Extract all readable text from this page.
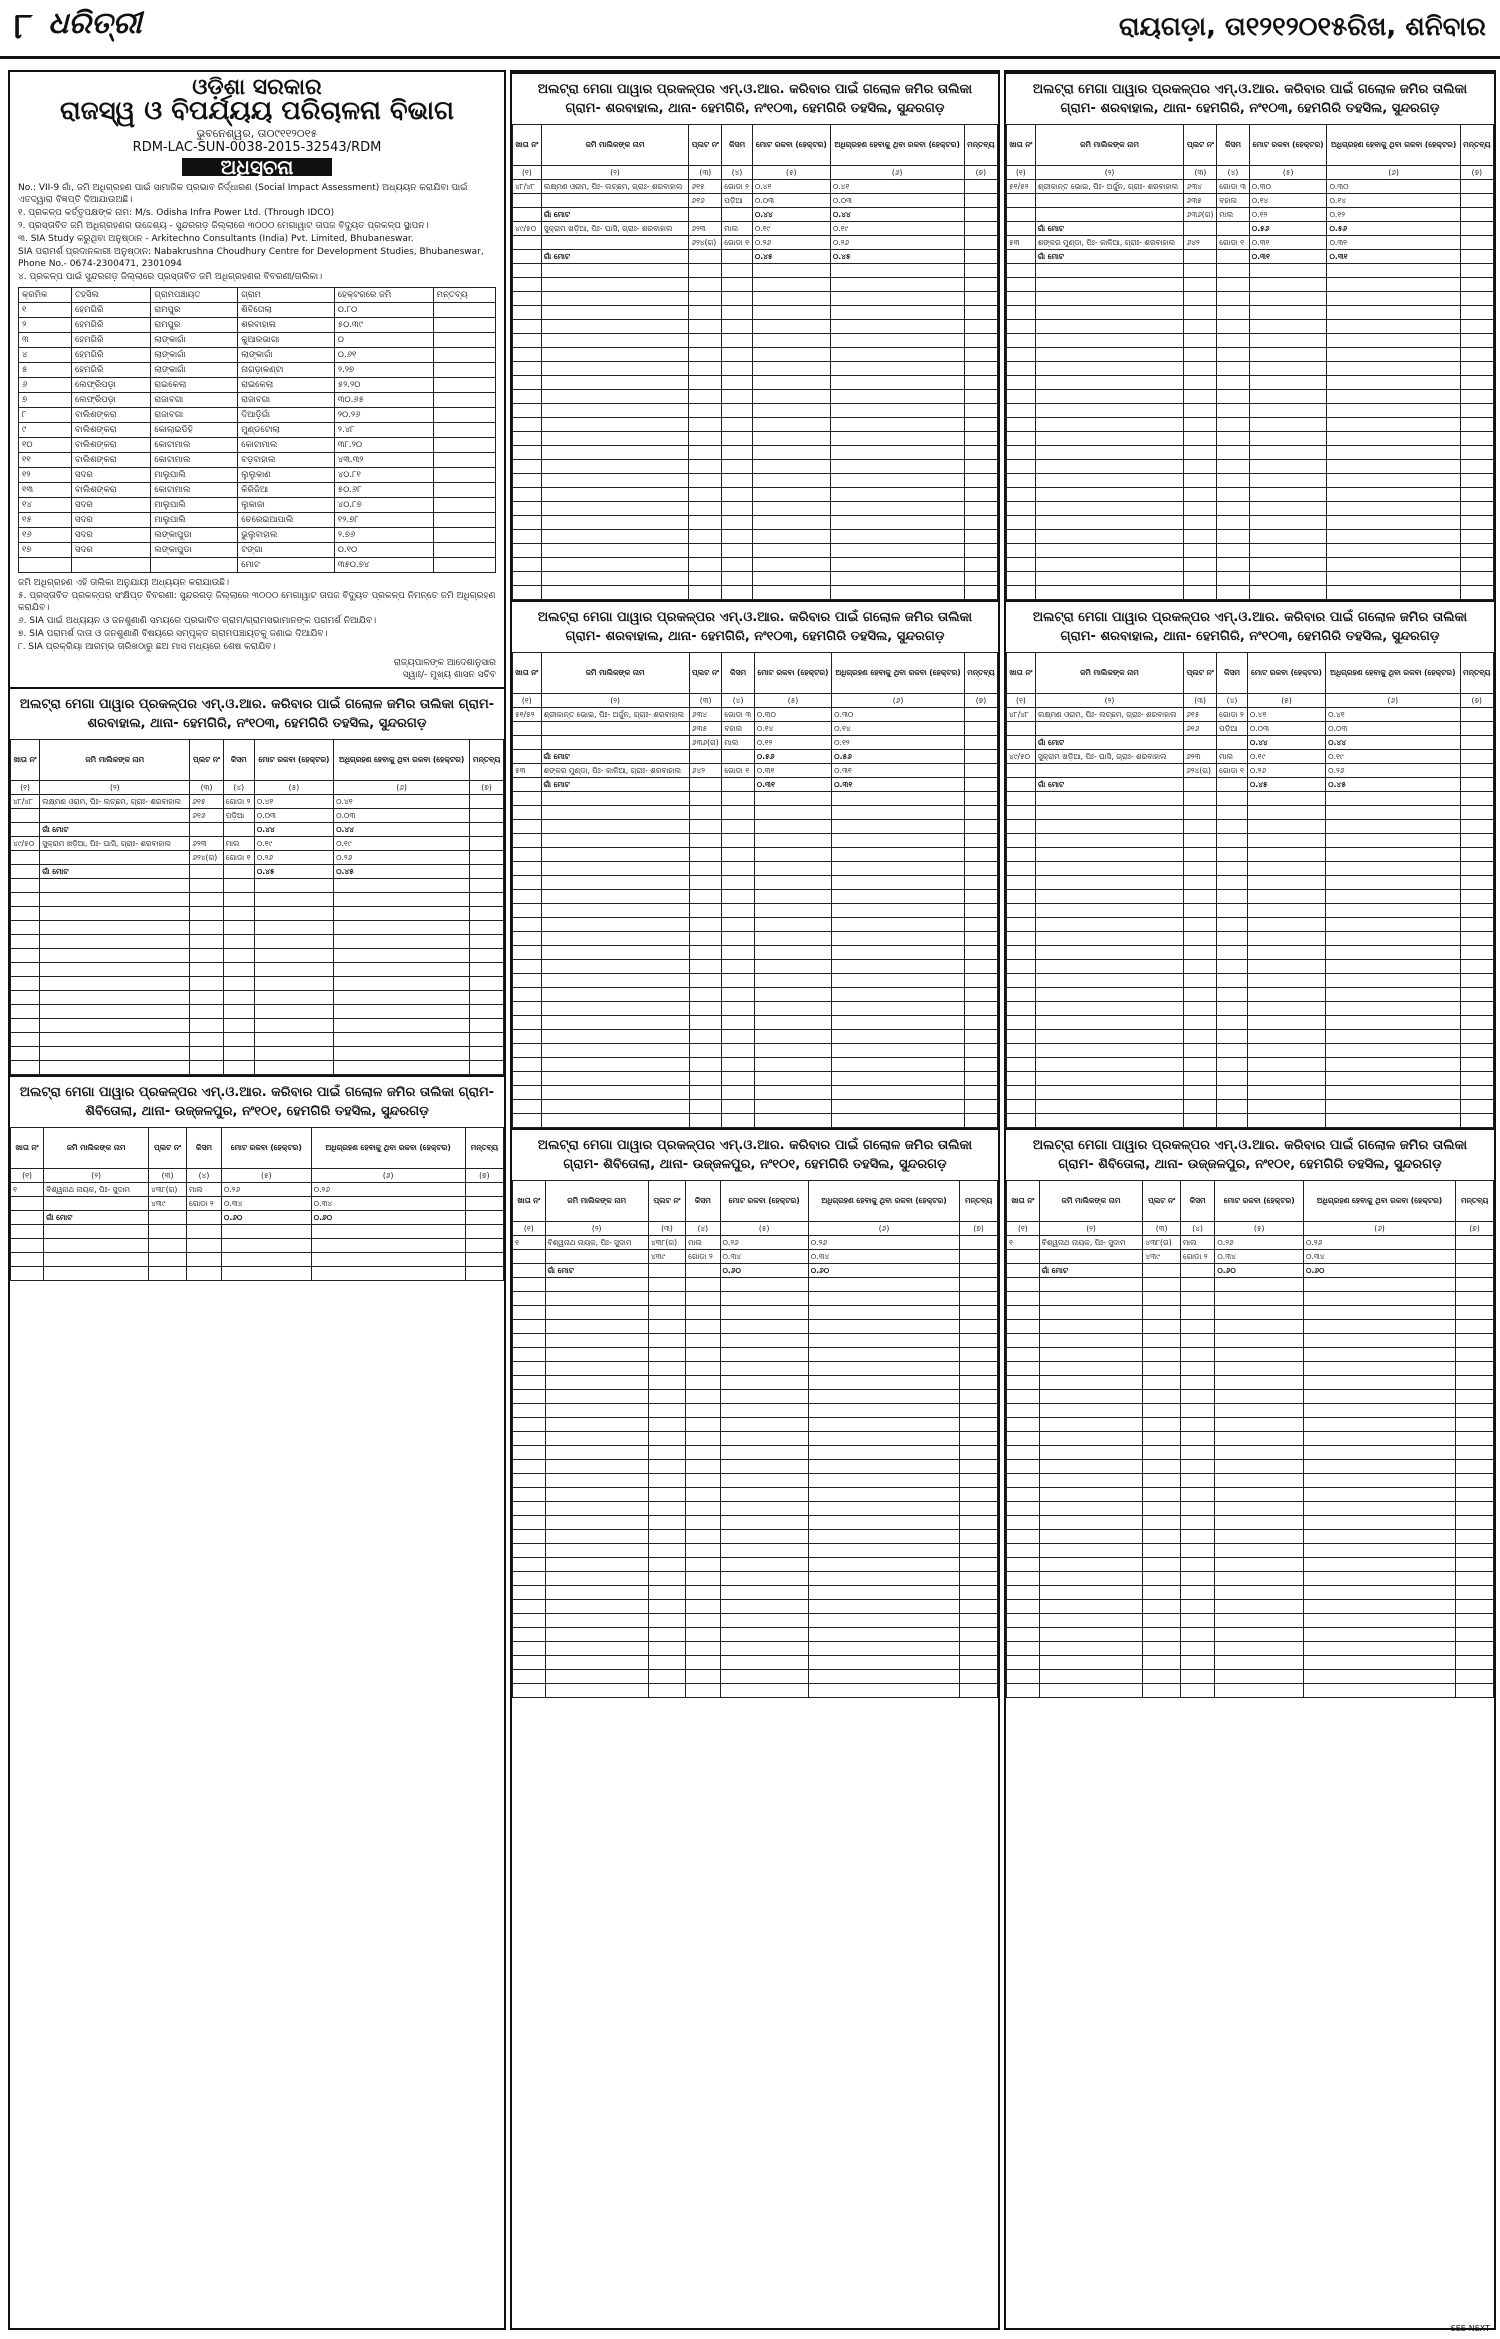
୮ ଧରିତ୍ରୀ	ରାୟଗଡ଼ା, ତା୧୨୧୨୦୧୫ରିଖ, ଶନିବାର
ଓଡ଼ିଶା ସରକାର
ରାଜସ୍ୱ ଓ ବିପର୍ଯ୍ୟୟ ପରିଚାଳନା ବିଭାଗ
ଭୁବନେଶ୍ୱର, ତା୦୯୧୧୨୦୧୫
RDM-LAC-SUN-0038-2015-32543/RDM
ଅଧିସୂଚନା
No.: VII-9 ଗାଁ, ଜମି ଅଧିଗ୍ରହଣ ପାଇଁ ସାମାଜିକ ପ୍ରଭାବ ନିର୍ଦ୍ଧାରଣ (Social Impact Assessment) ଅଧ୍ୟୟନ କରାଯିବା ପାଇଁ ଏତଦ୍ୱାରା ବିଜ୍ଞପ୍ତି ଦିଆଯାଉଅଛି।
୧. ପ୍ରକଳ୍ପ କର୍ତ୍ତୃପକ୍ଷଙ୍କ ନାମ: M/s. Odisha Infra Power Ltd. (Through IDCO)
୨. ପ୍ରସ୍ତାବିତ ଜମି ଅଧିଗ୍ରହଣର ଉଦ୍ଦେଶ୍ୟ - ସୁନ୍ଦରଗଡ଼ ଜିଲ୍ଲାରେ ୩୦୦୦ ମେଗାୱାଟ ତାପଜ ବିଦ୍ୟୁତ ପ୍ରକଳ୍ପ ସ୍ଥାପନ।
୩. SIA Study କରୁଥିବା ଅନୁଷ୍ଠାନ - Arkitechno Consultants (India) Pvt. Limited, Bhubaneswar.
SIA ପରାମର୍ଶ ପ୍ରଦାନକାରୀ ଅନୁଷ୍ଠାନ: Nabakrushna Choudhury Centre for Development Studies, Bhubaneswar, Phone No.- 0674-2300471, 2301094
୪. ପ୍ରକଳ୍ପ ପାଇଁ ସୁନ୍ଦରଗଡ଼ ଜିଲ୍ଲାରେ ପ୍ରସ୍ତାବିତ ଜମି ଅଧିଗ୍ରହଣର ବିବରଣୀ/ତାଲିକା।
କ୍ରମିକ	ତହସିଲ	ଗ୍ରାମପଞ୍ଚାୟତ	ଗ୍ରାମ	ହେକ୍ଟରରେ ଜମି	ମନ୍ତବ୍ୟ
୧	ହେମଗିରି	ରାମପୁର	ଶିବିତୋଲା	୦.୮୦	
୨	ହେମଗିରି	ରାମପୁର	ଶରବାହାଲ	୫୦.୩୯	
୩	ହେମଗିରି	ଲାଙ୍କାଗାଁ	କୁଆରଭାଗା	୦	
୪	ହେମଗିରି	ଲାଙ୍କାଗାଁ	ଲାଙ୍କାଗାଁ	୦.୬୧	
୫	ହେମଗିରି	ଲାଙ୍କାଗାଁ	ନାଗଡ଼ାକଣ୍ଟା	୨.୨୭	
୬	ଲେଫ୍ରିପଡ଼ା	ରାଇକେଲା	ରାଇକେଲା	୫୨.୨୦	
୭	ଲେଫ୍ରିପଡ଼ା	ରାଜାବଗା	ରାଜାବଗା	୩୦.୬୫	
୮	ବାଲିଶଙ୍କରା	ରାଜାବଗା	ଦିଆଡ଼ିଗାଁ	୨୦.୨୬	
୯	ବାଲିଶଙ୍କରା	କୋଲାଇଡିହି	ମୁଣ୍ଡଟୋଲା	୨.୪୮	
୧୦	ବାଲିଶଙ୍କରା	କୋଟାମାଲ	କୋଟାମାଲ	୩୮.୨୦	
୧୧	ବାଲିଶଙ୍କରା	କୋଟାମାଲ	ବଡ଼ବାହାଲ	୪୩.୩୨	
୧୨	ସଦର	ମାଲୁପାଲି	ଲୁଲୁକାଣ	୪୦.୮୧	
୧୩	ବାଲିଶଙ୍କରା	କୋଟାମାଲ	କିରିଜିଆ	୫୦.୬୮	
୧୪	ସଦର	ମାଲୁପାଲି	ଲୁକାଜା	୪୦.୮୭	
୧୫	ସଦର	ମାଲୁପାଲି	ଚେରେଇଆପାଲି	୧୨.୭୮	
୧୬	ସଦର	ଲଙ୍କାପୁଡା	ଭୁଲୁବାହାଲ	୨.୭୬	
୧୭	ସଦର	ଲଙ୍କାପୁଡା	ଟଙ୍ଗା	୦.୧୦	
			ମୋଟ	୩୫୦.୭୪	
ଜମି ଅଧିଗ୍ରହଣ ଏହି ତାଲିକା ଅନୁଯାୟୀ ଅଧ୍ୟୟନ କରାଯାଉଛି।
୫. ପ୍ରସ୍ତାବିତ ପ୍ରକଳ୍ପର ସଂକ୍ଷିପ୍ତ ବିବରଣୀ: ସୁନ୍ଦରଗଡ଼ ଜିଲ୍ଲାରେ ୩୦୦୦ ମେଗାୱାଟ ତାପଜ ବିଦ୍ୟୁତ ପ୍ରକଳ୍ପ ନିମନ୍ତେ ଜମି ଅଧିଗ୍ରହଣ କରାଯିବ।
୬. SIA ପାଇଁ ଅଧ୍ୟୟନ ଓ ଜନଶୁଣାଣି ସମୟରେ ପ୍ରଭାବିତ ଗ୍ରାମ/ଗ୍ରାମସଭାମାନଙ୍କ ପରାମର୍ଶ ନିଆଯିବ।
୭. SIA ପରାମର୍ଶ ଦାତା ଓ ଜନଶୁଣାଣି ବିଷୟରେ ସମ୍ପୃକ୍ତ ଗ୍ରାମପଞ୍ଚାୟତକୁ ଜଣାଇ ଦିଆଯିବ।
୮. SIA ପ୍ରକ୍ରିୟା ଆରମ୍ଭ ତାରିଖଠାରୁ ଛଅ ମାସ ମଧ୍ୟରେ ଶେଷ କରାଯିବ।
ରାଜ୍ୟପାଳଙ୍କ ଆଦେଶାନୁସାର
ସ୍ୱାଃ/- ମୁଖ୍ୟ ଶାସନ ସଚିବ
ଅଲଟ୍ରା ମେଗା ପାୱାର ପ୍ରକଳ୍ପର ଏମ୍.ଓ.ଆର. କରିବାର ପାଇଁ ଗଲୋଳ ଜମିର ତାଲିକା ଗ୍ରାମ- ଶରବାହାଲ, ଥାନା- ହେମଗିରି, ନଂ୧୦୩, ହେମଗିରି ତହସିଲ, ସୁନ୍ଦରଗଡ଼
ଖାତା ନଂ	ଜମି ମାଲିକଙ୍କ ନାମ	ପ୍ଲଟ ନଂ	କିସମ	ମୋଟ ରକବା (ହେକ୍ଟର)	ଅଧିଗ୍ରହଣ ହେବାକୁ ଥିବା ରକବା (ହେକ୍ଟର)	ମନ୍ତବ୍ୟ
(୧)	(୨)	(୩)	(୪)	(୫)	(୬)	(୭)
୪୮/୪୮	ଲକ୍ଷ୍ମଣ ଓରାମ, ପିଃ- ଲଚ୍ଛମ, ଗ୍ରାଃ- ଶରବାହାଲ	୬୧୫	ଗୋଡା ୨	୦.୪୧	୦.୪୧	
		୬୧୬	ପଡ଼ିଆ	୦.୦୩	୦.୦୩	
	ଗାଁ ମୋଟ			୦.୪୪	୦.୪୪	
୪୯/୫୦	ସୁକ୍ରାମ ଖଡ଼ିଆ, ପିଃ- ଘାସି, ଗ୍ରାଃ- ଶରବାହାଲ	୬୨୩	ମାଲ	୦.୧୯	୦.୧୯	
		୬୨୪(ଗ)	ଗୋଡା ୧	୦.୨୬	୦.୨୬	
	ଗାଁ ମୋଟ			୦.୪୫	୦.୪୫	

ଅଲଟ୍ରା ମେଗା ପାୱାର ପ୍ରକଳ୍ପର ଏମ୍.ଓ.ଆର. କରିବାର ପାଇଁ ଗଲୋଳ ଜମିର ତାଲିକା ଗ୍ରାମ- ଶିବିତୋଲା, ଥାନା- ଉଜ୍ଜଳପୁର, ନଂ୧୦୧, ହେମଗିରି ତହସିଲ, ସୁନ୍ଦରଗଡ଼
ଖାତା ନଂ	ଜମି ମାଲିକଙ୍କ ନାମ	ପ୍ଲଟ ନଂ	କିସମ	ମୋଟ ରକବା (ହେକ୍ଟର)	ଅଧିଗ୍ରହଣ ହେବାକୁ ଥିବା ରକବା (ହେକ୍ଟର)	ମନ୍ତବ୍ୟ
(୧)	(୨)	(୩)	(୪)	(୫)	(୬)	(୭)
୧	ବିଶ୍ୱନାଥ ନାୟକ, ପିଃ- ସୁଦାମ	୪୩୮(ଗ)	ମାଲ	୦.୨୬	୦.୨୬	
		୪୩୯	ଗୋଡା ୨	୦.୩୪	୦.୩୪	
	ଗାଁ ମୋଟ			୦.୬୦	୦.୬୦	

ଅଲଟ୍ରା ମେଗା ପାୱାର ପ୍ରକଳ୍ପର ଏମ୍.ଓ.ଆର. କରିବାର ପାଇଁ ଗଲୋଳ ଜମିର ତାଲିକା ଗ୍ରାମ- ଶରବାହାଲ, ଥାନା- ହେମଗିରି, ନଂ୧୦୩, ହେମଗିରି ତହସିଲ, ସୁନ୍ଦରଗଡ଼
ଖାତା ନଂ	ଜମି ମାଲିକଙ୍କ ନାମ	ପ୍ଲଟ ନଂ	କିସମ	ମୋଟ ରକବା (ହେକ୍ଟର)	ଅଧିଗ୍ରହଣ ହେବାକୁ ଥିବା ରକବା (ହେକ୍ଟର)	ମନ୍ତବ୍ୟ
(୧)	(୨)	(୩)	(୪)	(୫)	(୬)	(୭)
୪୮/୪୮	ଲକ୍ଷ୍ମଣ ଓରାମ, ପିଃ- ଲଚ୍ଛମ, ଗ୍ରାଃ- ଶରବାହାଲ	୬୧୫	ଗୋଡା ୨	୦.୪୧	୦.୪୧	
		୬୧୬	ପଡ଼ିଆ	୦.୦୩	୦.୦୩	
	ଗାଁ ମୋଟ			୦.୪୪	୦.୪୪	
୪୯/୫୦	ସୁକ୍ରାମ ଖଡ଼ିଆ, ପିଃ- ଘାସି, ଗ୍ରାଃ- ଶରବାହାଲ	୬୨୩	ମାଲ	୦.୧୯	୦.୧୯	
		୬୨୪(ଗ)	ଗୋଡା ୧	୦.୨୬	୦.୨୬	
	ଗାଁ ମୋଟ			୦.୪୫	୦.୪୫	

ଅଲଟ୍ରା ମେଗା ପାୱାର ପ୍ରକଳ୍ପର ଏମ୍.ଓ.ଆର. କରିବାର ପାଇଁ ଗଲୋଳ ଜମିର ତାଲିକା ଗ୍ରାମ- ଶରବାହାଲ, ଥାନା- ହେମଗିରି, ନଂ୧୦୩, ହେମଗିରି ତହସିଲ, ସୁନ୍ଦରଗଡ଼
ଖାତା ନଂ	ଜମି ମାଲିକଙ୍କ ନାମ	ପ୍ଲଟ ନଂ	କିସମ	ମୋଟ ରକବା (ହେକ୍ଟର)	ଅଧିଗ୍ରହଣ ହେବାକୁ ଥିବା ରକବା (ହେକ୍ଟର)	ମନ୍ତବ୍ୟ
(୧)	(୨)	(୩)	(୪)	(୫)	(୬)	(୭)
୫୧/୫୨	ଶ୍ରୀକାନ୍ତ ଭୋଇ, ପିଃ- ଅର୍ଜୁନ, ଗ୍ରାଃ- ଶରବାହାଲ	୬୩୪	ଗୋଡା ୩	୦.୩୦	୦.୩୦	
		୬୩୫	ବହାଲ	୦.୧୪	୦.୧୪	
		୬୩୬(ଗ)	ମାଲ	୦.୧୨	୦.୧୨	
	ଗାଁ ମୋଟ			୦.୫୬	୦.୫୬	
୫୩	ଶଙ୍କର ମୁଣ୍ଡା, ପିଃ- କାଳିଆ, ଗ୍ରାଃ- ଶରବାହାଲ	୬୪୨	ଗୋଡା ୧	୦.୩୧	୦.୩୧	
	ଗାଁ ମୋଟ			୦.୩୧	୦.୩୧	

ଅଲଟ୍ରା ମେଗା ପାୱାର ପ୍ରକଳ୍ପର ଏମ୍.ଓ.ଆର. କରିବାର ପାଇଁ ଗଲୋଳ ଜମିର ତାଲିକା ଗ୍ରାମ- ଶିବିତୋଲା, ଥାନା- ଉଜ୍ଜଳପୁର, ନଂ୧୦୧, ହେମଗିରି ତହସିଲ, ସୁନ୍ଦରଗଡ଼
ଖାତା ନଂ	ଜମି ମାଲିକଙ୍କ ନାମ	ପ୍ଲଟ ନଂ	କିସମ	ମୋଟ ରକବା (ହେକ୍ଟର)	ଅଧିଗ୍ରହଣ ହେବାକୁ ଥିବା ରକବା (ହେକ୍ଟର)	ମନ୍ତବ୍ୟ
(୧)	(୨)	(୩)	(୪)	(୫)	(୬)	(୭)
୧	ବିଶ୍ୱନାଥ ନାୟକ, ପିଃ- ସୁଦାମ	୪୩୮(ଗ)	ମାଲ	୦.୨୬	୦.୨୬	
		୪୩୯	ଗୋଡା ୨	୦.୩୪	୦.୩୪	
	ଗାଁ ମୋଟ			୦.୬୦	୦.୬୦	

ଅଲଟ୍ରା ମେଗା ପାୱାର ପ୍ରକଳ୍ପର ଏମ୍.ଓ.ଆର. କରିବାର ପାଇଁ ଗଲୋଳ ଜମିର ତାଲିକା ଗ୍ରାମ- ଶରବାହାଲ, ଥାନା- ହେମଗିରି, ନଂ୧୦୩, ହେମଗିରି ତହସିଲ, ସୁନ୍ଦରଗଡ଼
ଖାତା ନଂ	ଜମି ମାଲିକଙ୍କ ନାମ	ପ୍ଲଟ ନଂ	କିସମ	ମୋଟ ରକବା (ହେକ୍ଟର)	ଅଧିଗ୍ରହଣ ହେବାକୁ ଥିବା ରକବା (ହେକ୍ଟର)	ମନ୍ତବ୍ୟ
(୧)	(୨)	(୩)	(୪)	(୫)	(୬)	(୭)
୫୧/୫୨	ଶ୍ରୀକାନ୍ତ ଭୋଇ, ପିଃ- ଅର୍ଜୁନ, ଗ୍ରାଃ- ଶରବାହାଲ	୬୩୪	ଗୋଡା ୩	୦.୩୦	୦.୩୦	
		୬୩୫	ବହାଲ	୦.୧୪	୦.୧୪	
		୬୩୬(ଗ)	ମାଲ	୦.୧୨	୦.୧୨	
	ଗାଁ ମୋଟ			୦.୫୬	୦.୫୬	
୫୩	ଶଙ୍କର ମୁଣ୍ଡା, ପିଃ- କାଳିଆ, ଗ୍ରାଃ- ଶରବାହାଲ	୬୪୨	ଗୋଡା ୧	୦.୩୧	୦.୩୧	
	ଗାଁ ମୋଟ			୦.୩୧	୦.୩୧	

ଅଲଟ୍ରା ମେଗା ପାୱାର ପ୍ରକଳ୍ପର ଏମ୍.ଓ.ଆର. କରିବାର ପାଇଁ ଗଲୋଳ ଜମିର ତାଲିକା ଗ୍ରାମ- ଶରବାହାଲ, ଥାନା- ହେମଗିରି, ନଂ୧୦୩, ହେମଗିରି ତହସିଲ, ସୁନ୍ଦରଗଡ଼
ଖାତା ନଂ	ଜମି ମାଲିକଙ୍କ ନାମ	ପ୍ଲଟ ନଂ	କିସମ	ମୋଟ ରକବା (ହେକ୍ଟର)	ଅଧିଗ୍ରହଣ ହେବାକୁ ଥିବା ରକବା (ହେକ୍ଟର)	ମନ୍ତବ୍ୟ
(୧)	(୨)	(୩)	(୪)	(୫)	(୬)	(୭)
୪୮/୪୮	ଲକ୍ଷ୍ମଣ ଓରାମ, ପିଃ- ଲଚ୍ଛମ, ଗ୍ରାଃ- ଶରବାହାଲ	୬୧୫	ଗୋଡା ୨	୦.୪୧	୦.୪୧	
		୬୧୬	ପଡ଼ିଆ	୦.୦୩	୦.୦୩	
	ଗାଁ ମୋଟ			୦.୪୪	୦.୪୪	
୪୯/୫୦	ସୁକ୍ରାମ ଖଡ଼ିଆ, ପିଃ- ଘାସି, ଗ୍ରାଃ- ଶରବାହାଲ	୬୨୩	ମାଲ	୦.୧୯	୦.୧୯	
		୬୨୪(ଗ)	ଗୋଡା ୧	୦.୨୬	୦.୨୬	
	ଗାଁ ମୋଟ			୦.୪୫	୦.୪୫	

ଅଲଟ୍ରା ମେଗା ପାୱାର ପ୍ରକଳ୍ପର ଏମ୍.ଓ.ଆର. କରିବାର ପାଇଁ ଗଲୋଳ ଜମିର ତାଲିକା ଗ୍ରାମ- ଶିବିତୋଲା, ଥାନା- ଉଜ୍ଜଳପୁର, ନଂ୧୦୧, ହେମଗିରି ତହସିଲ, ସୁନ୍ଦରଗଡ଼
ଖାତା ନଂ	ଜମି ମାଲିକଙ୍କ ନାମ	ପ୍ଲଟ ନଂ	କିସମ	ମୋଟ ରକବା (ହେକ୍ଟର)	ଅଧିଗ୍ରହଣ ହେବାକୁ ଥିବା ରକବା (ହେକ୍ଟର)	ମନ୍ତବ୍ୟ
(୧)	(୨)	(୩)	(୪)	(୫)	(୬)	(୭)
୧	ବିଶ୍ୱନାଥ ନାୟକ, ପିଃ- ସୁଦାମ	୪୩୮(ଗ)	ମାଲ	୦.୨୬	୦.୨୬	
		୪୩୯	ଗୋଡା ୨	୦.୩୪	୦.୩୪	
	ଗାଁ ମୋଟ			୦.୬୦	୦.୬୦	

SEE-NEXT
